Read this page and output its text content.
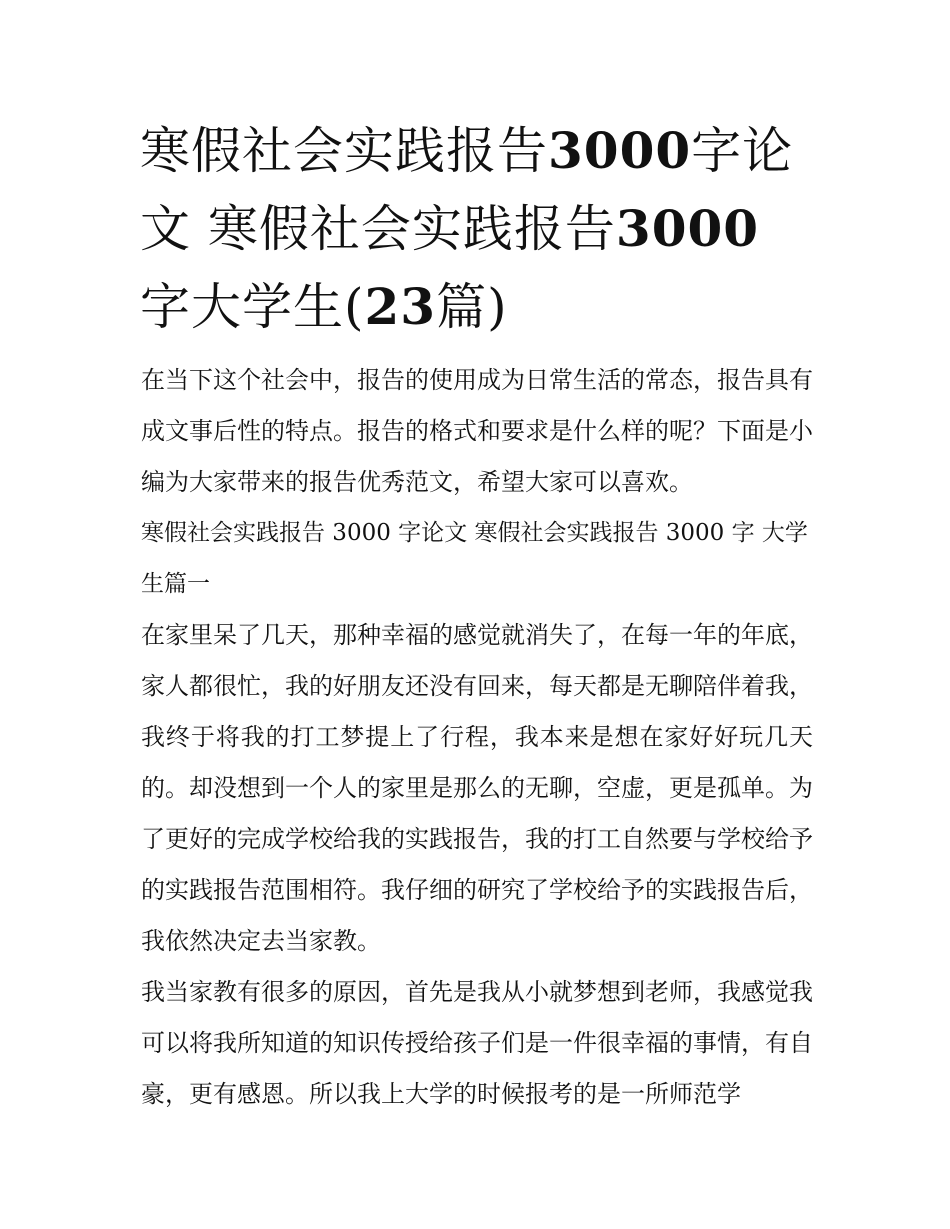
寒假社会实践报告3000字论文 寒假社会实践报告3000字大学生(23篇)

在当下这个社会中，报告的使用成为日常生活的常态，报告具有成文事后性的特点。报告的格式和要求是什么样的呢？下面是小编为大家带来的报告优秀范文，希望大家可以喜欢。

寒假社会实践报告 3000 字论文 寒假社会实践报告 3000 字 大学生篇一

在家里呆了几天，那种幸福的感觉就消失了，在每一年的年底，家人都很忙，我的好朋友还没有回来，每天都是无聊陪伴着我，我终于将我的打工梦提上了行程，我本来是想在家好好玩几天的。却没想到一个人的家里是那么的无聊，空虚，更是孤单。为了更好的完成学校给我的实践报告，我的打工自然要与学校给予的实践报告范围相符。我仔细的研究了学校给予的实践报告后，我依然决定去当家教。

我当家教有很多的原因，首先是我从小就梦想到老师，我感觉我可以将我所知道的知识传授给孩子们是一件很幸福的事情，有自豪，更有感恩。所以我上大学的时候报考的是一所师范学
